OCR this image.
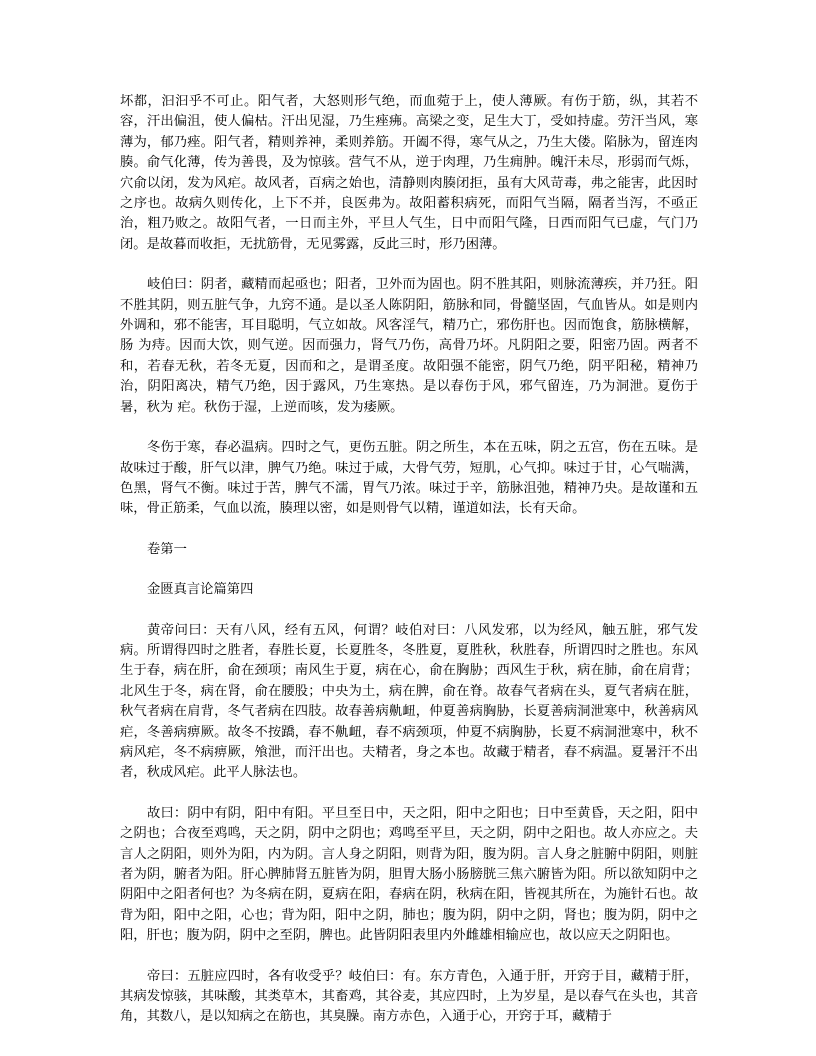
坏都，汩汩乎不可止。阳气者，大怒则形气绝，而血菀于上，使人薄厥。有伤于筋，纵，其若不容，汗出偏沮，使人偏枯。汗出见湿，乃生痤疿。高梁之变，足生大丁，受如持虚。劳汗当风，寒薄为，郁乃痤。阳气者，精则养神，柔则养筋。开阖不得，寒气从之，乃生大偻。陷脉为，留连肉腠。俞气化薄，传为善畏，及为惊骇。营气不从，逆于肉理，乃生痈肿。魄汗未尽，形弱而气烁，穴俞以闭，发为风疟。故风者，百病之始也，清静则肉腠闭拒，虽有大风苛毒，弗之能害，此因时之序也。故病久则传化，上下不并，良医弗为。故阳蓄积病死，而阳气当隔，隔者当泻，不亟正治，粗乃败之。故阳气者，一日而主外，平旦人气生，日中而阳气隆，日西而阳气已虚，气门乃闭。是故暮而收拒，无扰筋骨，无见雾露，反此三时，形乃困薄。

岐伯曰：阴者，藏精而起亟也；阳者，卫外而为固也。阴不胜其阳，则脉流薄疾，并乃狂。阳不胜其阴，则五脏气争，九窍不通。是以圣人陈阴阳，筋脉和同，骨髓坚固，气血皆从。如是则内外调和，邪不能害，耳目聪明，气立如故。风客淫气，精乃亡，邪伤肝也。因而饱食，筋脉横解，肠 为痔。因而大饮，则气逆。因而强力，肾气乃伤，高骨乃坏。凡阴阳之要，阳密乃固。两者不和，若春无秋，若冬无夏，因而和之，是谓圣度。故阳强不能密，阴气乃绝，阴平阳秘，精神乃治，阴阳离决，精气乃绝，因于露风，乃生寒热。是以春伤于风，邪气留连，乃为洞泄。夏伤于暑，秋为 疟。秋伤于湿，上逆而咳，发为痿厥。

冬伤于寒，春必温病。四时之气，更伤五脏。阴之所生，本在五味，阴之五宫，伤在五味。是故味过于酸，肝气以津，脾气乃绝。味过于咸，大骨气劳，短肌，心气抑。味过于甘，心气喘满，色黑，肾气不衡。味过于苦，脾气不濡，胃气乃浓。味过于辛，筋脉沮弛，精神乃央。是故谨和五味，骨正筋柔，气血以流，腠理以密，如是则骨气以精，谨道如法，长有天命。

卷第一

金匮真言论篇第四

黄帝问曰：天有八风，经有五风，何谓？岐伯对曰：八风发邪，以为经风，触五脏，邪气发病。所谓得四时之胜者，春胜长夏，长夏胜冬，冬胜夏，夏胜秋，秋胜春，所谓四时之胜也。东风生于春，病在肝，俞在颈项；南风生于夏，病在心，俞在胸胁；西风生于秋，病在肺，俞在肩背；北风生于冬，病在肾，俞在腰股；中央为土，病在脾，俞在脊。故春气者病在头，夏气者病在脏，秋气者病在肩背，冬气者病在四肢。故春善病鼽衄，仲夏善病胸胁，长夏善病洞泄寒中，秋善病风疟，冬善病痹厥。故冬不按蹻，春不鼽衄，春不病颈项，仲夏不病胸胁，长夏不病洞泄寒中，秋不病风疟，冬不病痹厥，飧泄，而汗出也。夫精者，身之本也。故藏于精者，春不病温。夏暑汗不出者，秋成风疟。此平人脉法也。

故曰：阴中有阴，阳中有阳。平旦至日中，天之阳，阳中之阳也；日中至黄昏，天之阳，阳中之阴也；合夜至鸡鸣，天之阴，阴中之阴也；鸡鸣至平旦，天之阴，阴中之阳也。故人亦应之。夫言人之阴阳，则外为阳，内为阴。言人身之阴阳，则背为阳，腹为阴。言人身之脏腑中阴阳，则脏者为阴，腑者为阳。肝心脾肺肾五脏皆为阴，胆胃大肠小肠膀胱三焦六腑皆为阳。所以欲知阴中之阴阳中之阳者何也？为冬病在阴，夏病在阳，春病在阴，秋病在阳，皆视其所在，为施针石也。故背为阳，阳中之阳，心也；背为阳，阳中之阴，肺也；腹为阴，阴中之阴，肾也；腹为阴，阴中之阳，肝也；腹为阴，阴中之至阴，脾也。此皆阴阳表里内外雌雄相输应也，故以应天之阴阳也。

帝曰：五脏应四时，各有收受乎？岐伯曰：有。东方青色，入通于肝，开窍于目，藏精于肝，其病发惊骇，其味酸，其类草木，其畜鸡，其谷麦，其应四时，上为岁星，是以春气在头也，其音角，其数八，是以知病之在筋也，其臭臊。南方赤色，入通于心，开窍于耳，藏精于
